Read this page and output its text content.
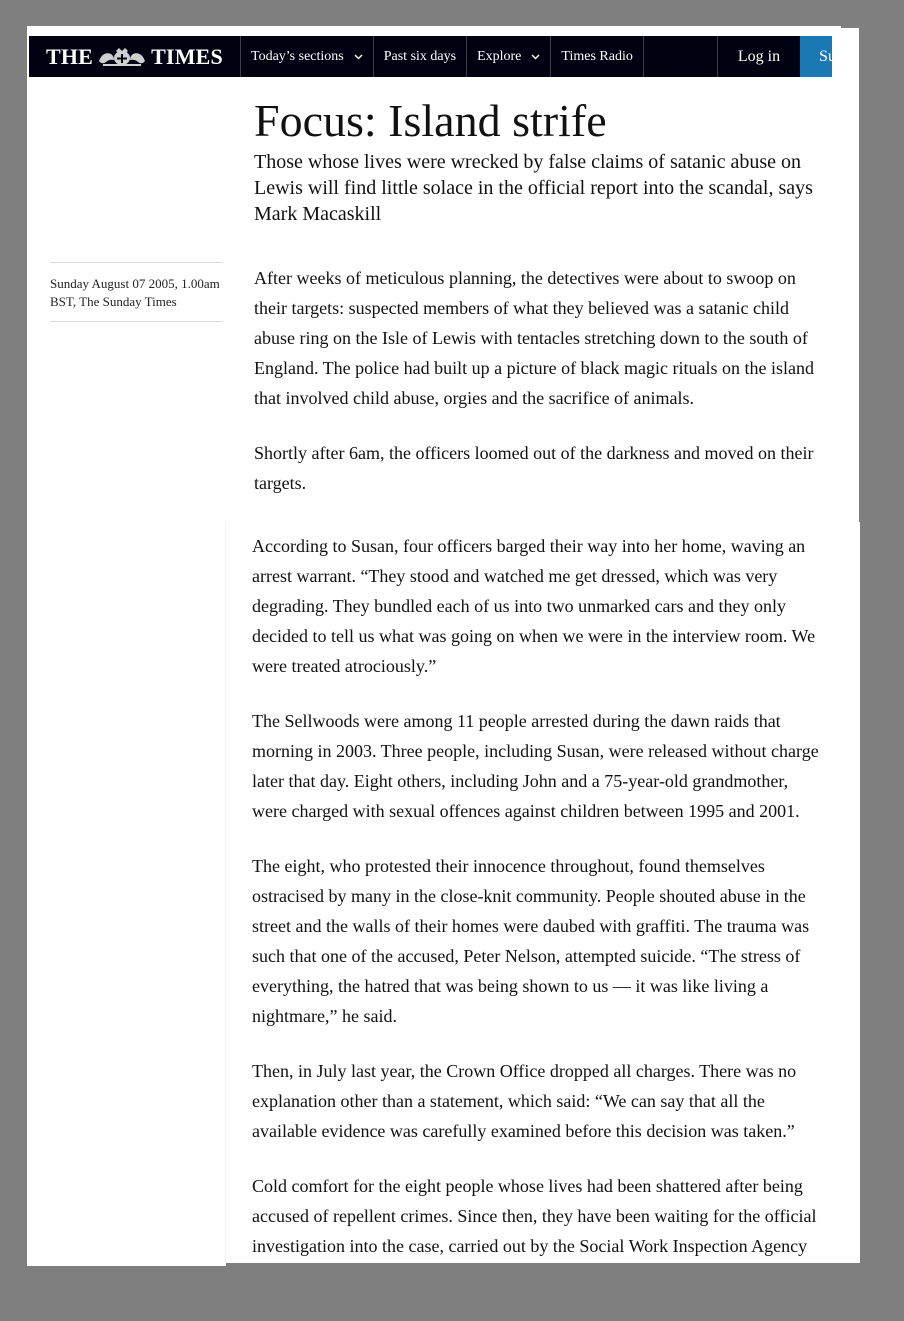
THE	TIMES Today’s sections	Past six days Explore	Times Radio	Log in Su
Focus: Island strife

Those whose lives were wrecked by false claims of satanic abuse on Lewis will find little solace in the official report into the scandal, says Mark Macaskill

Sunday August 07 2005, 1.00am BST, The Sunday Times

After weeks of meticulous planning, the detectives were about to swoop on their targets: suspected members of what they believed was a satanic child abuse ring on the Isle of Lewis with tentacles stretching down to the south of England. The police had built up a picture of black magic rituals on the island that involved child abuse, orgies and the sacrifice of animals.

Shortly after 6am, the officers loomed out of the darkness and moved on their targets.

According to Susan, four officers barged their way into her home, waving an arrest warrant. “They stood and watched me get dressed, which was very degrading. They bundled each of us into two unmarked cars and they only decided to tell us what was going on when we were in the interview room. We were treated atrociously.”

The Sellwoods were among 11 people arrested during the dawn raids that morning in 2003. Three people, including Susan, were released without charge later that day. Eight others, including John and a 75-year-old grandmother, were charged with sexual offences against children between 1995 and 2001.

The eight, who protested their innocence throughout, found themselves ostracised by many in the close-knit community. People shouted abuse in the street and the walls of their homes were daubed with graffiti. The trauma was such that one of the accused, Peter Nelson, attempted suicide. “The stress of everything, the hatred that was being shown to us — it was like living a nightmare,” he said.

Then, in July last year, the Crown Office dropped all charges. There was no explanation other than a statement, which said: “We can say that all the available evidence was carefully examined before this decision was taken.”

Cold comfort for the eight people whose lives had been shattered after being accused of repellent crimes. Since then, they have been waiting for the official investigation into the case, carried out by the Social Work Inspection Agency
